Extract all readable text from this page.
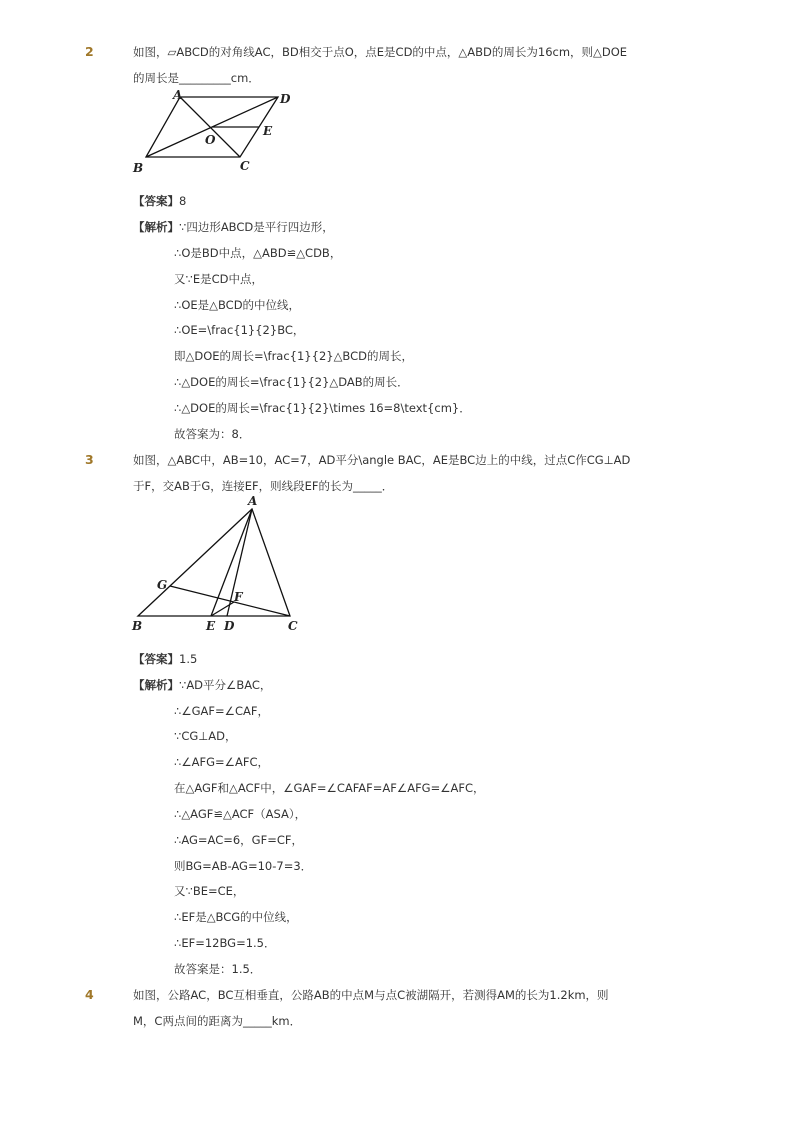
2	如图，▱ABCD的对角线AC，BD相交于点O，点E是CD的中点，△ABD的周长为16cm，则△DOE
的周长是_________cm．
A	D
O
E
B	C
【答案】8
【解析】∵四边形ABCD是平行四边形，
∴O是BD中点，△ABD≌△CDB，
又∵E是CD中点，
∴OE是△BCD的中位线，
∴OE=\frac{1}{2}BC，
即△DOE的周长=\frac{1}{2}△BCD的周长，
∴△DOE的周长=\frac{1}{2}△DAB的周长．
∴△DOE的周长=\frac{1}{2}\times 16=8\text{cm}．
故答案为：8．
3	如图，△ABC中，AB=10，AC=7，AD平分\angle BAC，AE是BC边上的中线，过点C作CG⊥AD
于F，交AB于G，连接EF，则线段EF的长为_____．
A
G
F
B	E D	C
【答案】1.5
【解析】∵AD平分∠BAC，
∴∠GAF=∠CAF，
∵CG⊥AD，
∴∠AFG=∠AFC，
在△AGF和△ACF中，∠GAF=∠CAFAF=AF∠AFG=∠AFC，
∴△AGF≌△ACF（ASA），
∴AG=AC=6，GF=CF，
则BG=AB-AG=10-7=3．
又∵BE=CE，
∴EF是△BCG的中位线，
∴EF=12BG=1.5．
故答案是：1.5．
4	如图，公路AC，BC互相垂直，公路AB的中点M与点C被湖隔开，若测得AM的长为1.2km，则
M，C两点间的距离为_____km．
